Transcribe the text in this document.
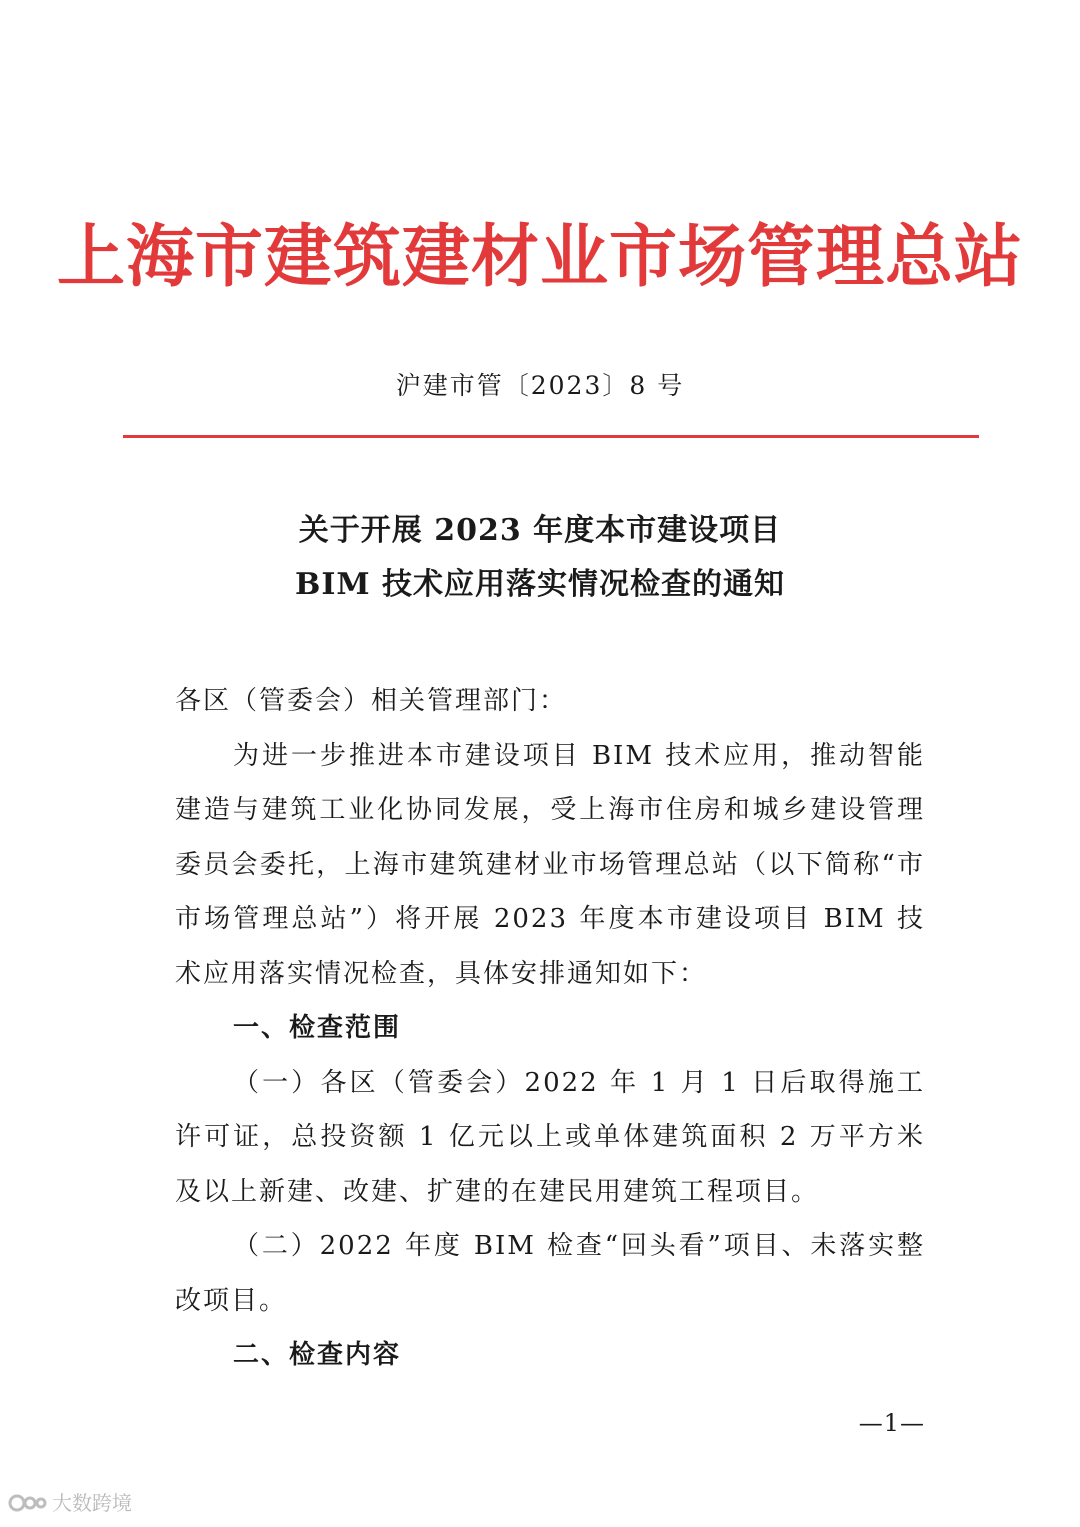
上海市建筑建材业市场管理总站
沪建市管〔2023〕8 号
关于开展 2023 年度本市建设项目
BIM 技术应用落实情况检查的通知

各区（管委会）相关管理部门：

为进一步推进本市建设项目 BIM 技术应用，推动智能建造与建筑工业化协同发展，受上海市住房和城乡建设管理委员会委托，上海市建筑建材业市场管理总站（以下简称“市市场管理总站”）将开展 2023 年度本市建设项目 BIM 技术应用落实情况检查，具体安排通知如下：

一、检查范围

（一）各区（管委会）2022 年 1 月 1 日后取得施工许可证，总投资额 1 亿元以上或单体建筑面积 2 万平方米及以上新建、改建、扩建的在建民用建筑工程项目。

（二）2022 年度 BIM 检查“回头看”项目、未落实整改项目。

二、检查内容

—1—
大数跨境
